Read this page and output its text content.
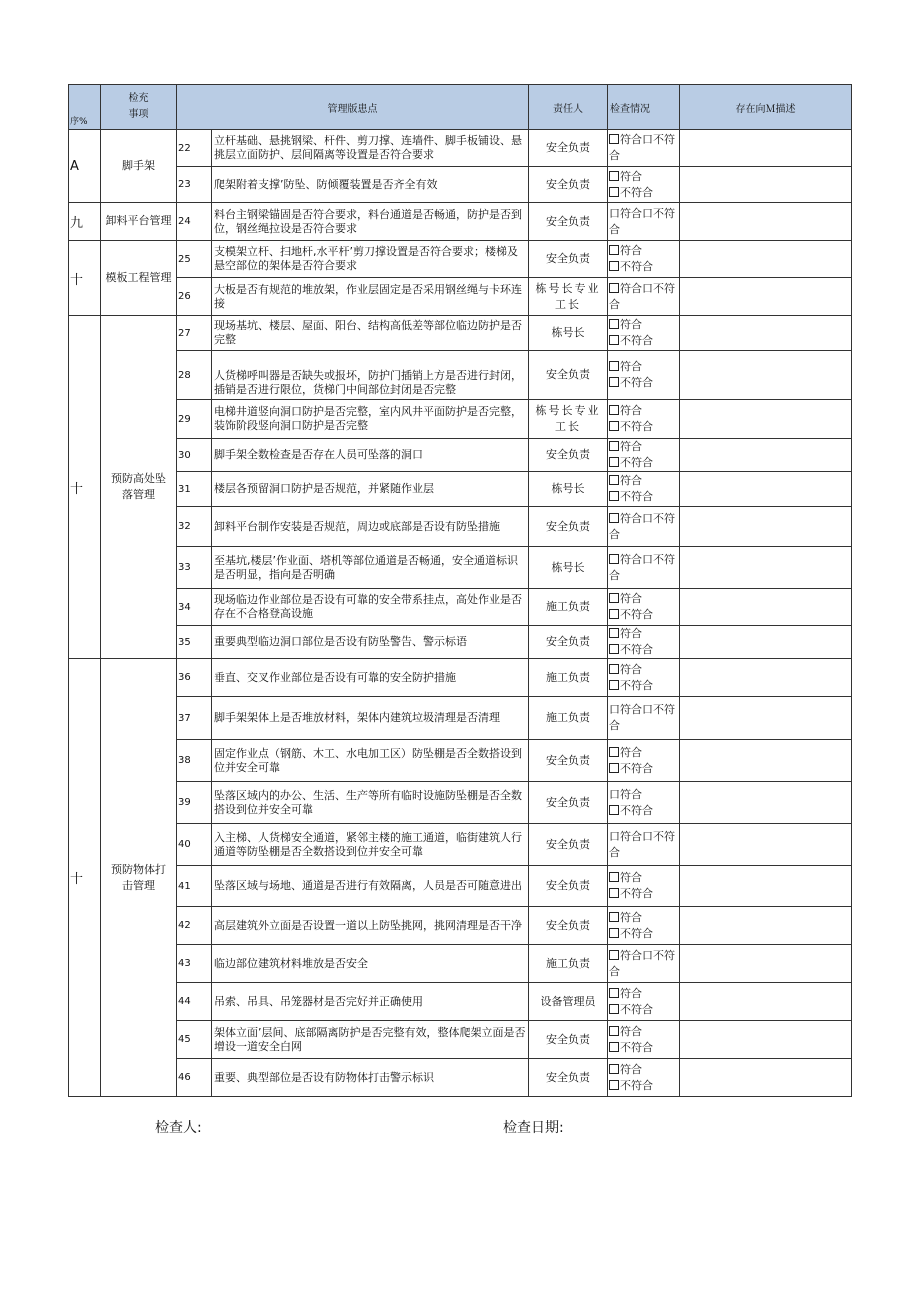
序%	检充
事项	管理版患点		责任人	检查情况	存在向Ｍ描述
A	脚手架	22	立杆基础、悬挑钢梁、杆件、剪刀撑、连墙件、脚手板铺设、悬挑层立面防护、层间隔离等设置是否符合要求	安全负责	符合口不符合	
		23	爬架附着支撑’防坠、防倾覆装置是否齐全有效	安全负责	符合
不符合	
九	卸料平台管理	24	料台主钢梁锚固是否符合要求，料台通道是否畅通，防护是否到位，钢丝绳拉设是否符合要求	安全负责	口符合口不符合	
十	模板工程管理	25	支模架立杆、扫地杆,水平杆’剪刀撑设置是否符合要求；楼梯及悬空部位的架体是否符合要求	安全负责	符合
不符合	
		26	大板是否有规范的堆放架，作业层固定是否采用钢丝绳与卡环连接	栋号长专业工长	符合口不符合	
十	预防高处坠落管理	27	现场基坑、楼层、屋面、阳台、结构高低差等部位临边防护是否完整	栋号长	符合
不符合	
		28	人货梯呼叫器是否缺失或报坏，防护门插销上方是否进行封闭，插销是否进行限位，货梯门中间部位封闭是否完整	安全负责	符合
不符合	
		29	电梯井道竖向洞口防护是否完整，室内风井平面防护是否完整，装饰阶段竖向洞口防护是否完整	栋号长专业工长	符合
不符合	
		30	脚手架全数检查是否存在人员可坠落的洞口	安全负责	符合
不符合	
		31	楼层各预留洞口防护是否规范，并紧随作业层	栋号长	符合
不符合	
		32	卸料平台制作安装是否规范，周边或底部是否设有防坠措施	安全负责	符合口不符合	
		33	至基坑,楼层’作业面、塔机等部位通道是否畅通，安全通道标识是否明显，指向是否明确	栋号长	符合口不符合	
		34	现场临边作业部位是否设有可靠的安全带系挂点，高处作业是否存在不合格登高设施	施工负责	符合
不符合	
		35	重要典型临边洞口部位是否设有防坠警告、警示标语	安全负责	符合
不符合	
十	预防物体打击管理	36	垂直、交叉作业部位是否设有可靠的安全防护措施	施工负责	符合
不符合	
		37	脚手架架体上是否堆放材料，架体内建筑垃圾清理是否清理	施工负责	口符合口不符合	
		38	固定作业点（钢筋、木工、水电加工区）防坠棚是否全数搭设到位并安全可靠	安全负责	符合
不符合	
		39	坠落区域内的办公、生活、生产等所有临时设施防坠棚是否全数搭设到位并安全可靠	安全负责	口符合
不符合	
		40	入主梯、人货梯安全通道，紧邻主楼的施工通道，临街建筑人行通道等防坠棚是否全数搭设到位并安全可靠	安全负责	口符合口不符合	
		41	坠落区域与场地、通道是否进行有效隔离，人员是否可随意进出	安全负责	符合
不符合	
		42	高层建筑外立面是否设置一道以上防坠挑网，挑网清理是否干净	安全负责	符合
不符合	
		43	临边部位建筑材料堆放是否安全	施工负责	符合口不符合	
		44	吊索、吊具、吊笼器材是否完好并正确使用	设备管理员	符合
不符合	
		45	架体立面’层间、底部隔离防护是否完整有效，整体爬架立面是否增设一道安全白网	安全负责	符合
不符合	
		46	重要、典型部位是否设有防物体打击警示标识	安全负责	符合
不符合	
检查人:	检查日期:
